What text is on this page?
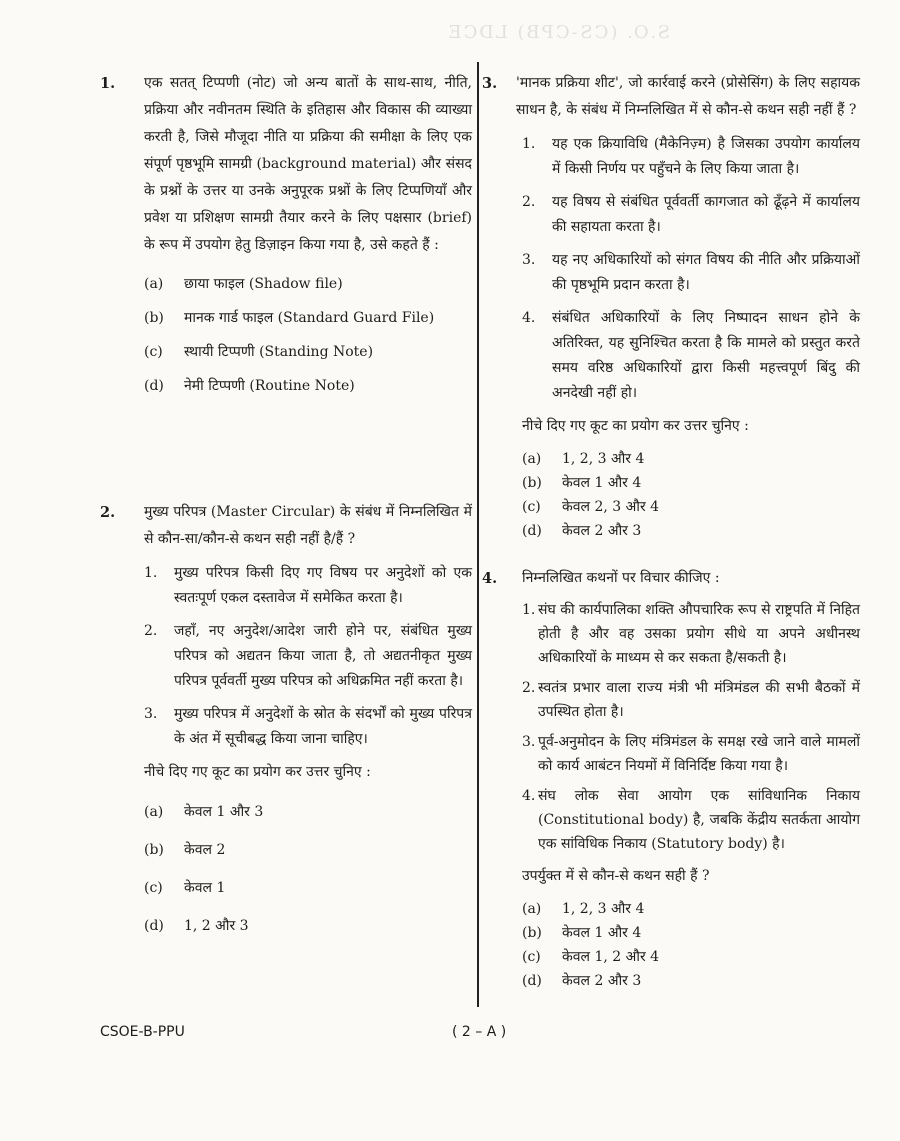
S.O. (CS-CPB) LDCE
1. एक सतत् टिप्पणी (नोट) जो अन्य बातों के साथ-साथ, नीति, प्रक्रिया और नवीनतम स्थिति के इतिहास और विकास की व्याख्या करती है, जिसे मौजूदा नीति या प्रक्रिया की समीक्षा के लिए एक संपूर्ण पृष्ठभूमि सामग्री (background material) और संसद के प्रश्नों के उत्तर या उनके अनुपूरक प्रश्नों के लिए टिप्पणियाँ और प्रवेश या प्रशिक्षण सामग्री तैयार करने के लिए पक्षसार (brief) के रूप में उपयोग हेतु डिज़ाइन किया गया है, उसे कहते हैं :
(a)	छाया फाइल (Shadow file)
(b)	मानक गार्ड फाइल (Standard Guard File)
(c)	स्थायी टिप्पणी (Standing Note)
(d)	नेमी टिप्पणी (Routine Note)
2. मुख्य परिपत्र (Master Circular) के संबंध में निम्नलिखित में से कौन-सा/कौन-से कथन सही नहीं है/हैं ?
1.	मुख्य परिपत्र किसी दिए गए विषय पर अनुदेशों को एक स्वतःपूर्ण एकल दस्तावेज में समेकित करता है।
2.	जहाँ, नए अनुदेश/आदेश जारी होने पर, संबंधित मुख्य परिपत्र को अद्यतन किया जाता है, तो अद्यतनीकृत मुख्य परिपत्र पूर्ववर्ती मुख्य परिपत्र को अधिक्रमित नहीं करता है।
3.	मुख्य परिपत्र में अनुदेशों के स्रोत के संदर्भों को मुख्य परिपत्र के अंत में सूचीबद्ध किया जाना चाहिए।
नीचे दिए गए कूट का प्रयोग कर उत्तर चुनिए :
(a)	केवल 1 और 3
(b)	केवल 2
(c)	केवल 1
(d)	1, 2 और 3
3. 'मानक प्रक्रिया शीट', जो कार्रवाई करने (प्रोसेसिंग) के लिए सहायक साधन है, के संबंध में निम्नलिखित में से कौन-से कथन सही नहीं हैं ?
1.	यह एक क्रियाविधि (मैकेनिज़्म) है जिसका उपयोग कार्यालय में किसी निर्णय पर पहुँचने के लिए किया जाता है।
2.	यह विषय से संबंधित पूर्ववर्ती कागजात को ढूँढ़ने में कार्यालय की सहायता करता है।
3.	यह नए अधिकारियों को संगत विषय की नीति और प्रक्रियाओं की पृष्ठभूमि प्रदान करता है।
4.	संबंधित अधिकारियों के लिए निष्पादन साधन होने के अतिरिक्त, यह सुनिश्चित करता है कि मामले को प्रस्तुत करते समय वरिष्ठ अधिकारियों द्वारा किसी महत्त्वपूर्ण बिंदु की अनदेखी नहीं हो।
नीचे दिए गए कूट का प्रयोग कर उत्तर चुनिए :
(a)	1, 2, 3 और 4
(b)	केवल 1 और 4
(c)	केवल 2, 3 और 4
(d)	केवल 2 और 3
4. निम्नलिखित कथनों पर विचार कीजिए :
1. संघ की कार्यपालिका शक्ति औपचारिक रूप से राष्ट्रपति में निहित होती है और वह उसका प्रयोग सीधे या अपने अधीनस्थ अधिकारियों के माध्यम से कर सकता है/सकती है।
2. स्वतंत्र प्रभार वाला राज्य मंत्री भी मंत्रिमंडल की सभी बैठकों में उपस्थित होता है।
3. पूर्व-अनुमोदन के लिए मंत्रिमंडल के समक्ष रखे जाने वाले मामलों को कार्य आबंटन नियमों में विनिर्दिष्ट किया गया है।
4. संघ लोक सेवा आयोग एक सांविधानिक निकाय (Constitutional body) है, जबकि केंद्रीय सतर्कता आयोग एक सांविधिक निकाय (Statutory body) है।
उपर्युक्त में से कौन-से कथन सही हैं ?
(a)	1, 2, 3 और 4
(b)	केवल 1 और 4
(c)	केवल 1, 2 और 4
(d)	केवल 2 और 3
CSOE-B-PPU	( 2 – A )
